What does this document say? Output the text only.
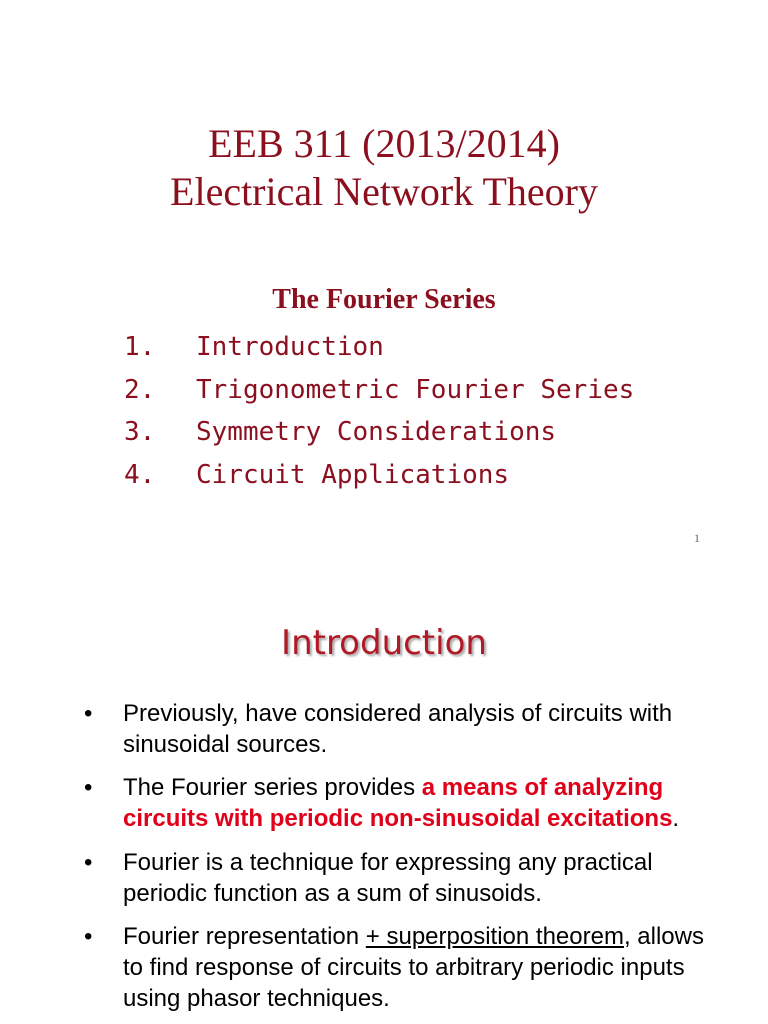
EEB 311 (2013/2014)
Electrical Network Theory
The Fourier Series
1. Introduction
2. Trigonometric Fourier Series
3. Symmetry Considerations
4. Circuit Applications
1
Introduction
• Previously, have considered analysis of circuits with sinusoidal sources.
• The Fourier series provides a means of analyzing circuits with periodic non-sinusoidal excitations.
• Fourier is a technique for expressing any practical periodic function as a sum of sinusoids.
• Fourier representation + superposition theorem, allows to find response of circuits to arbitrary periodic inputs using phasor techniques.
